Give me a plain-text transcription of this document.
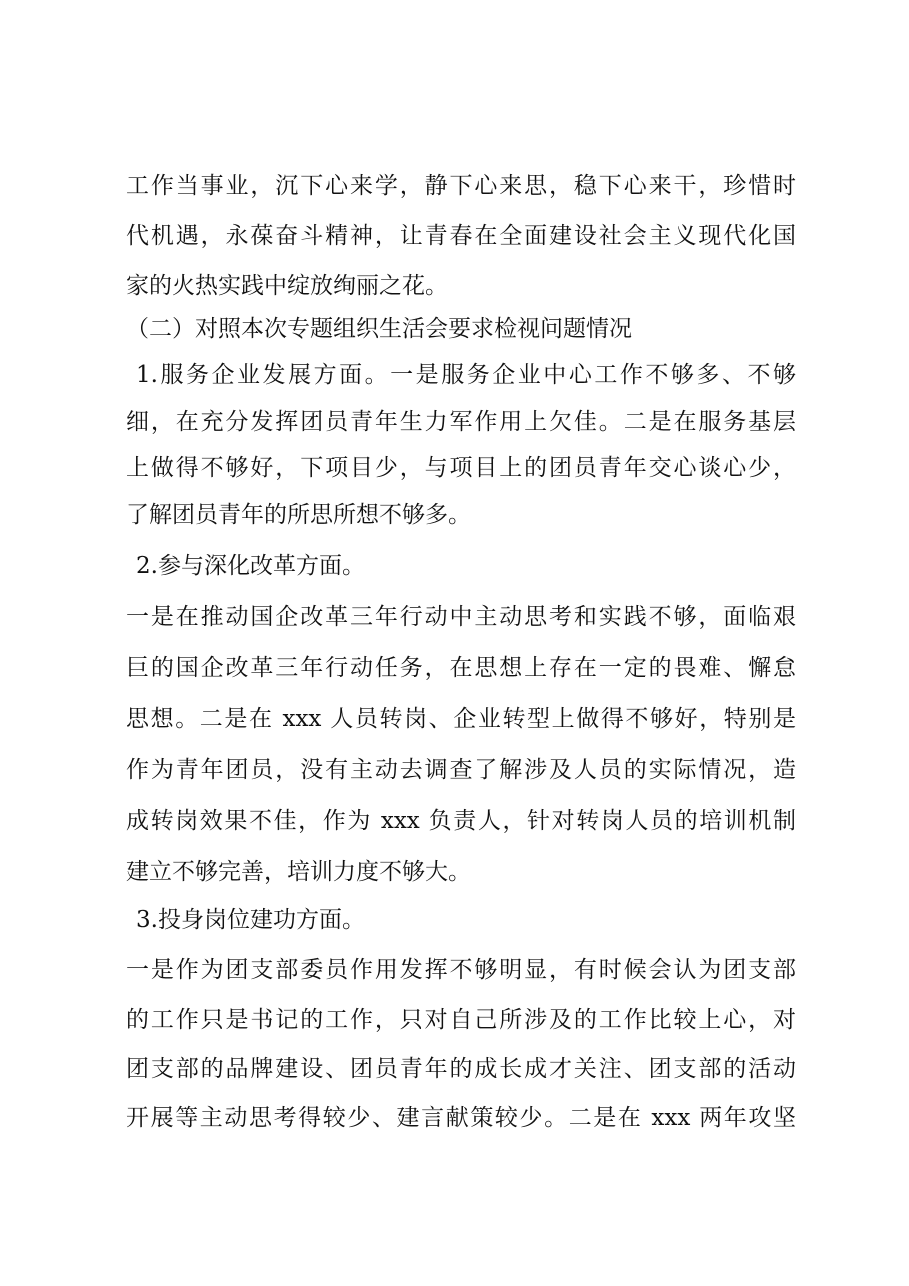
工作当事业，沉下心来学，静下心来思，稳下心来干，珍惜时
代机遇，永葆奋斗精神，让青春在全面建设社会主义现代化国
家的火热实践中绽放绚丽之花。
（二）对照本次专题组织生活会要求检视问题情况
1.服务企业发展方面。一是服务企业中心工作不够多、不够
细，在充分发挥团员青年生力军作用上欠佳。二是在服务基层
上做得不够好，下项目少，与项目上的团员青年交心谈心少，
了解团员青年的所思所想不够多。
2.参与深化改革方面。
一是在推动国企改革三年行动中主动思考和实践不够，面临艰
巨的国企改革三年行动任务，在思想上存在一定的畏难、懈怠
思想。二是在 xxx 人员转岗、企业转型上做得不够好，特别是
作为青年团员，没有主动去调查了解涉及人员的实际情况，造
成转岗效果不佳，作为 xxx 负责人，针对转岗人员的培训机制
建立不够完善，培训力度不够大。
3.投身岗位建功方面。
一是作为团支部委员作用发挥不够明显，有时候会认为团支部
的工作只是书记的工作，只对自己所涉及的工作比较上心，对
团支部的品牌建设、团员青年的成长成才关注、团支部的活动
开展等主动思考得较少、建言献策较少。二是在 xxx 两年攻坚
